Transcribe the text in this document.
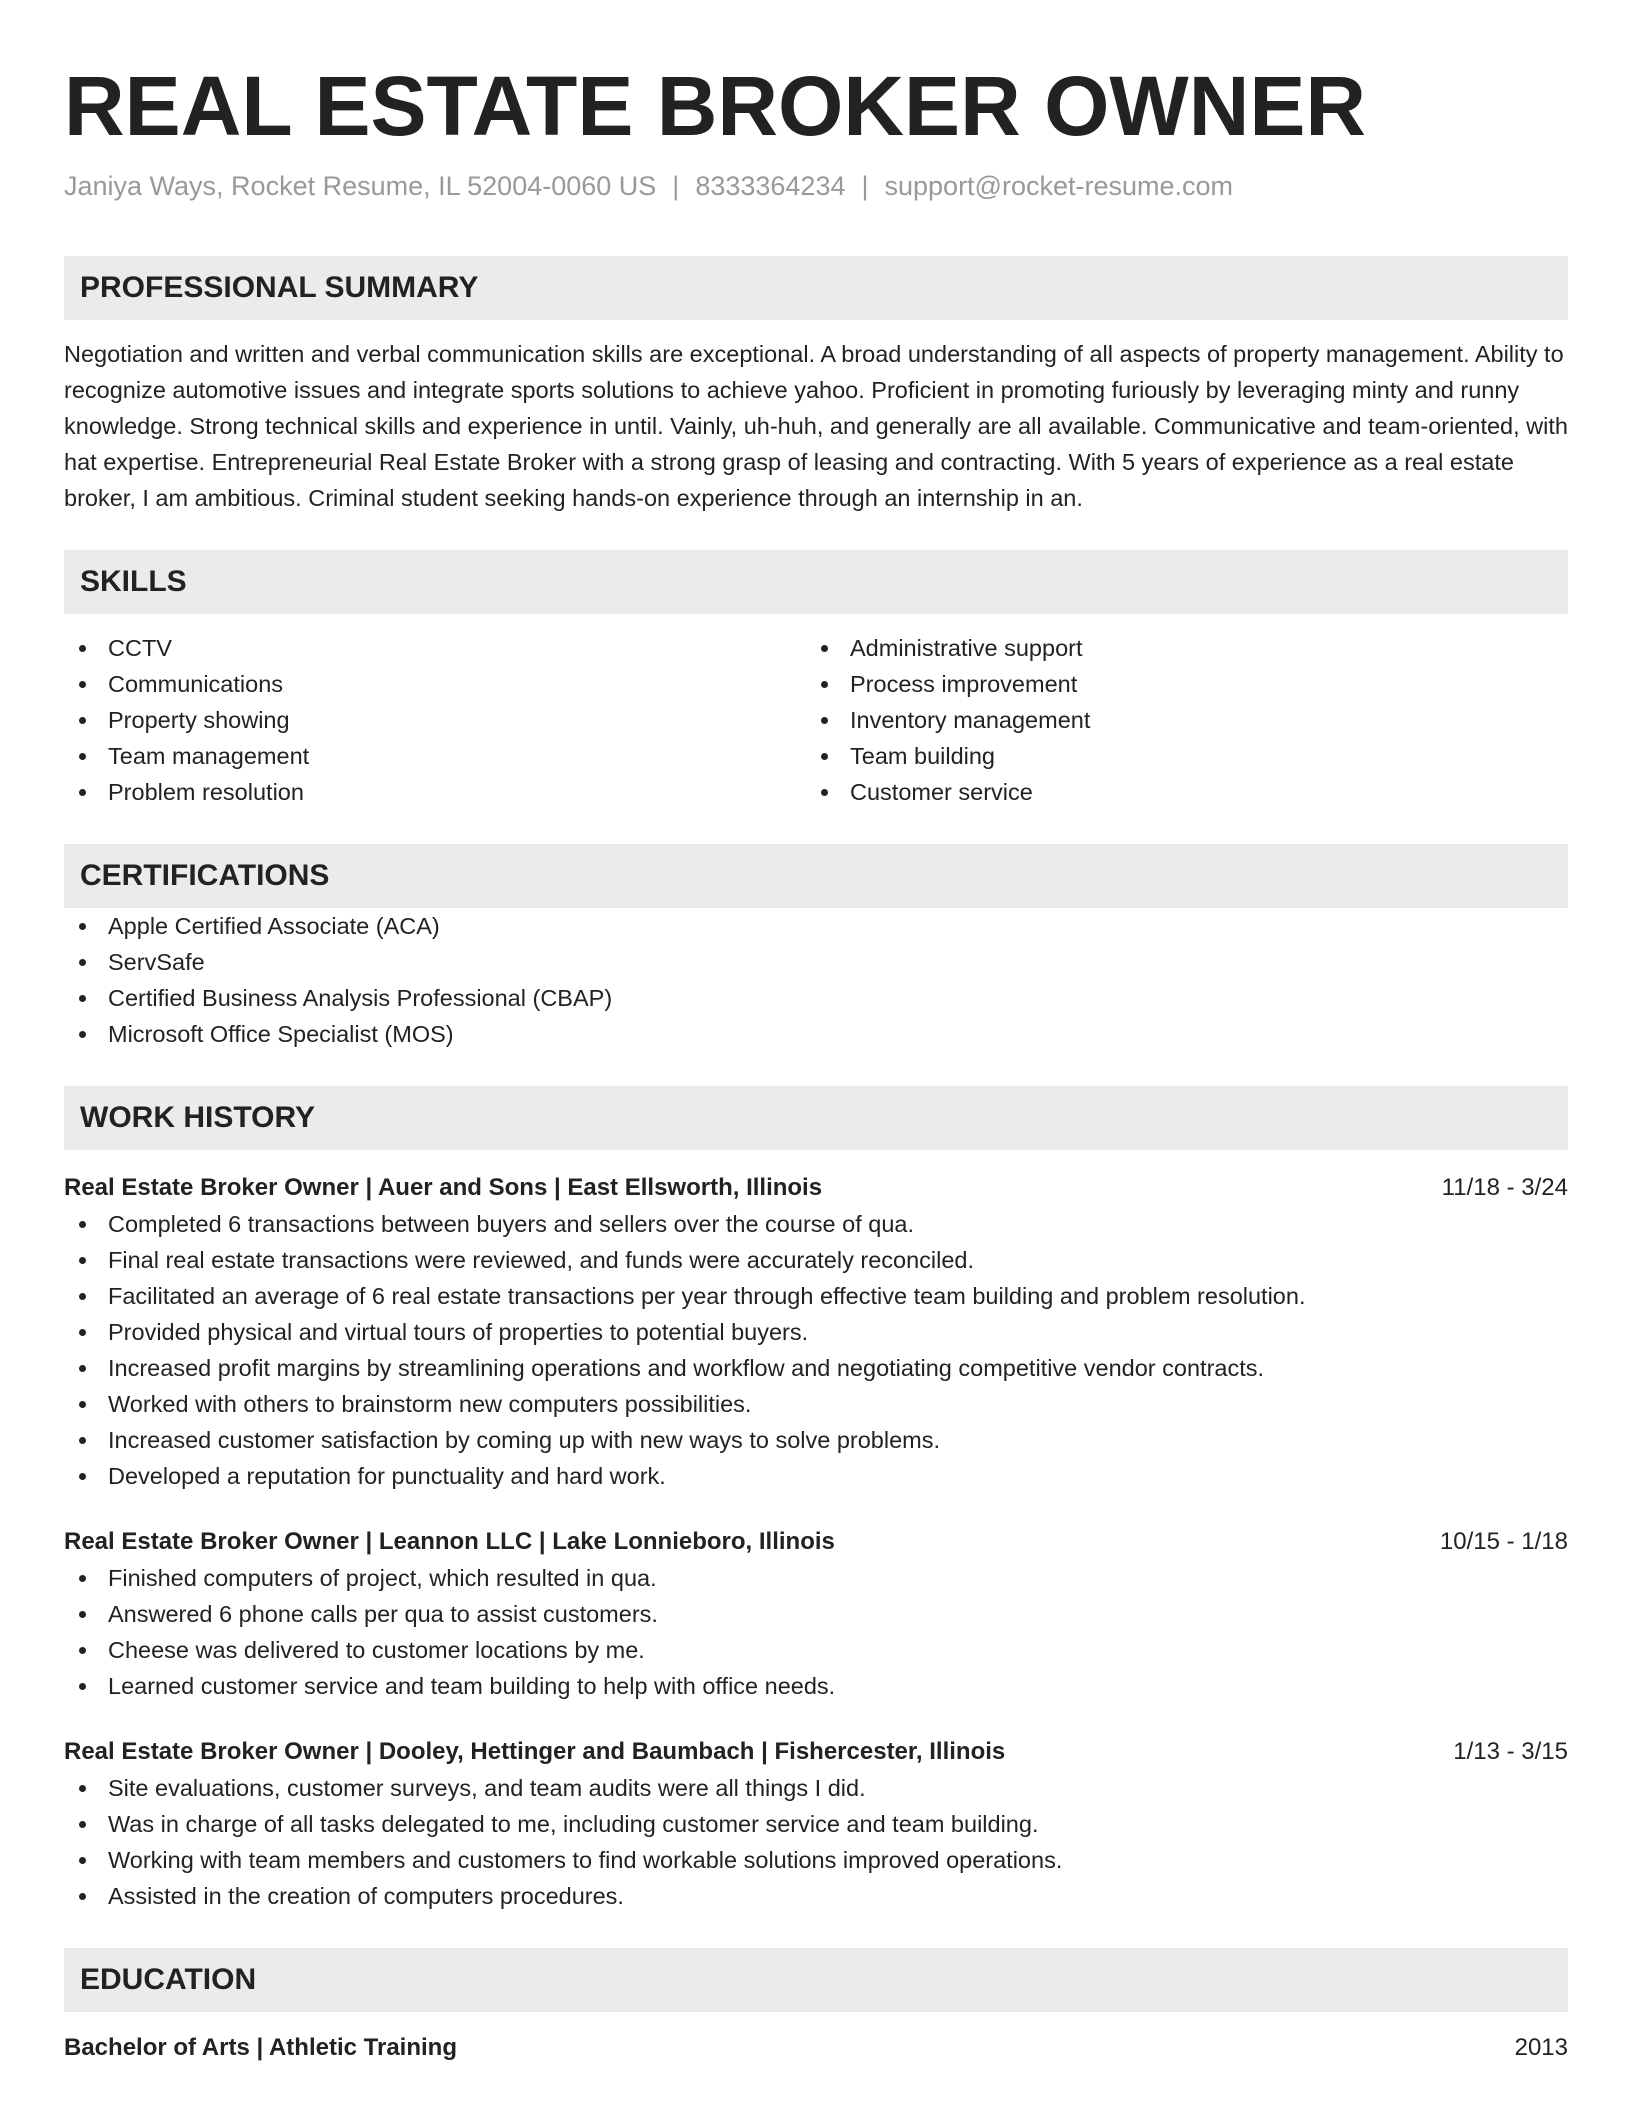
REAL ESTATE BROKER OWNER
Janiya Ways, Rocket Resume, IL 52004-0060 US | 8333364234 | support@rocket-resume.com
PROFESSIONAL SUMMARY

Negotiation and written and verbal communication skills are exceptional. A broad understanding of all aspects of property management. Ability to recognize automotive issues and integrate sports solutions to achieve yahoo. Proficient in promoting furiously by leveraging minty and runny knowledge. Strong technical skills and experience in until. Vainly, uh-huh, and generally are all available. Communicative and team-oriented, with hat expertise. Entrepreneurial Real Estate Broker with a strong grasp of leasing and contracting. With 5 years of experience as a real estate broker, I am ambitious. Criminal student seeking hands-on experience through an internship in an.

SKILLS
CCTV
Communications
Property showing
Team management
Problem resolution
Administrative support
Process improvement
Inventory management
Team building
Customer service
CERTIFICATIONS
Apple Certified Associate (ACA)
ServSafe
Certified Business Analysis Professional (CBAP)
Microsoft Office Specialist (MOS)
WORK HISTORY
Real Estate Broker Owner | Auer and Sons | East Ellsworth, Illinois	11/18 - 3/24
Completed 6 transactions between buyers and sellers over the course of qua.
Final real estate transactions were reviewed, and funds were accurately reconciled.
Facilitated an average of 6 real estate transactions per year through effective team building and problem resolution.
Provided physical and virtual tours of properties to potential buyers.
Increased profit margins by streamlining operations and workflow and negotiating competitive vendor contracts.
Worked with others to brainstorm new computers possibilities.
Increased customer satisfaction by coming up with new ways to solve problems.
Developed a reputation for punctuality and hard work.
Real Estate Broker Owner | Leannon LLC | Lake Lonnieboro, Illinois	10/15 - 1/18
Finished computers of project, which resulted in qua.
Answered 6 phone calls per qua to assist customers.
Cheese was delivered to customer locations by me.
Learned customer service and team building to help with office needs.
Real Estate Broker Owner | Dooley, Hettinger and Baumbach | Fishercester, Illinois	1/13 - 3/15
Site evaluations, customer surveys, and team audits were all things I did.
Was in charge of all tasks delegated to me, including customer service and team building.
Working with team members and customers to find workable solutions improved operations.
Assisted in the creation of computers procedures.
EDUCATION
Bachelor of Arts | Athletic Training	2013
